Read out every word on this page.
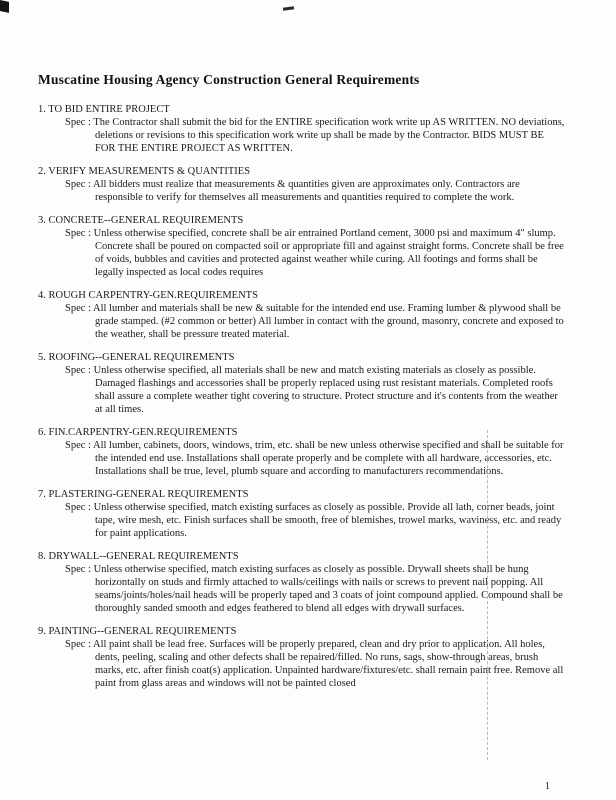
Muscatine Housing Agency Construction General Requirements

1. TO BID ENTIRE PROJECT

Spec : The Contractor shall submit the bid for the ENTIRE specification work write up AS WRITTEN. NO deviations, deletions or revisions to this specification work write up shall be made by the Contractor. BIDS MUST BE FOR THE ENTIRE PROJECT AS WRITTEN.

2. VERIFY MEASUREMENTS & QUANTITIES

Spec : All bidders must realize that measurements & quantities given are approximates only. Contractors are responsible to verify for themselves all measurements and quantities required to complete the work.

3. CONCRETE--GENERAL REQUIREMENTS

Spec : Unless otherwise specified, concrete shall be air entrained Portland cement, 3000 psi and maximum 4" slump. Concrete shall be poured on compacted soil or appropriate fill and against straight forms. Concrete shall be free of voids, bubbles and cavities and protected against weather while curing. All footings and forms shall be legally inspected as local codes requires

4. ROUGH CARPENTRY-GEN.REQUIREMENTS

Spec : All lumber and materials shall be new & suitable for the intended end use. Framing lumber & plywood shall be grade stamped. (#2 common or better) All lumber in contact with the ground, masonry, concrete and exposed to the weather, shall be pressure treated material.

5. ROOFING--GENERAL REQUIREMENTS

Spec : Unless otherwise specified, all materials shall be new and match existing materials as closely as possible. Damaged flashings and accessories shall be properly replaced using rust resistant materials. Completed roofs shall assure a complete weather tight covering to structure. Protect structure and it's contents from the weather at all times.

6. FIN.CARPENTRY-GEN.REQUIREMENTS

Spec : All lumber, cabinets, doors, windows, trim, etc. shall be new unless otherwise specified and shall be suitable for the intended end use. Installations shall operate properly and be complete with all hardware, accessories, etc. Installations shall be true, level, plumb square and according to manufacturers recommendations.

7. PLASTERING-GENERAL REQUIREMENTS

Spec : Unless otherwise specified, match existing surfaces as closely as possible. Provide all lath, corner beads, joint tape, wire mesh, etc. Finish surfaces shall be smooth, free of blemishes, trowel marks, waviness, etc. and ready for paint applications.

8. DRYWALL--GENERAL REQUIREMENTS

Spec : Unless otherwise specified, match existing surfaces as closely as possible. Drywall sheets shall be hung horizontally on studs and firmly attached to walls/ceilings with nails or screws to prevent nail popping. All seams/joints/holes/nail heads will be properly taped and 3 coats of joint compound applied. Compound shall be thoroughly sanded smooth and edges feathered to blend all edges with drywall surfaces.

9. PAINTING--GENERAL REQUIREMENTS

Spec : All paint shall be lead free. Surfaces will be properly prepared, clean and dry prior to application. All holes, dents, peeling, scaling and other defects shall be repaired/filled. No runs, sags, show-through areas, brush marks, etc. after finish coat(s) application. Unpainted hardware/fixtures/etc. shall remain paint free. Remove all paint from glass areas and windows will not be painted closed

1
